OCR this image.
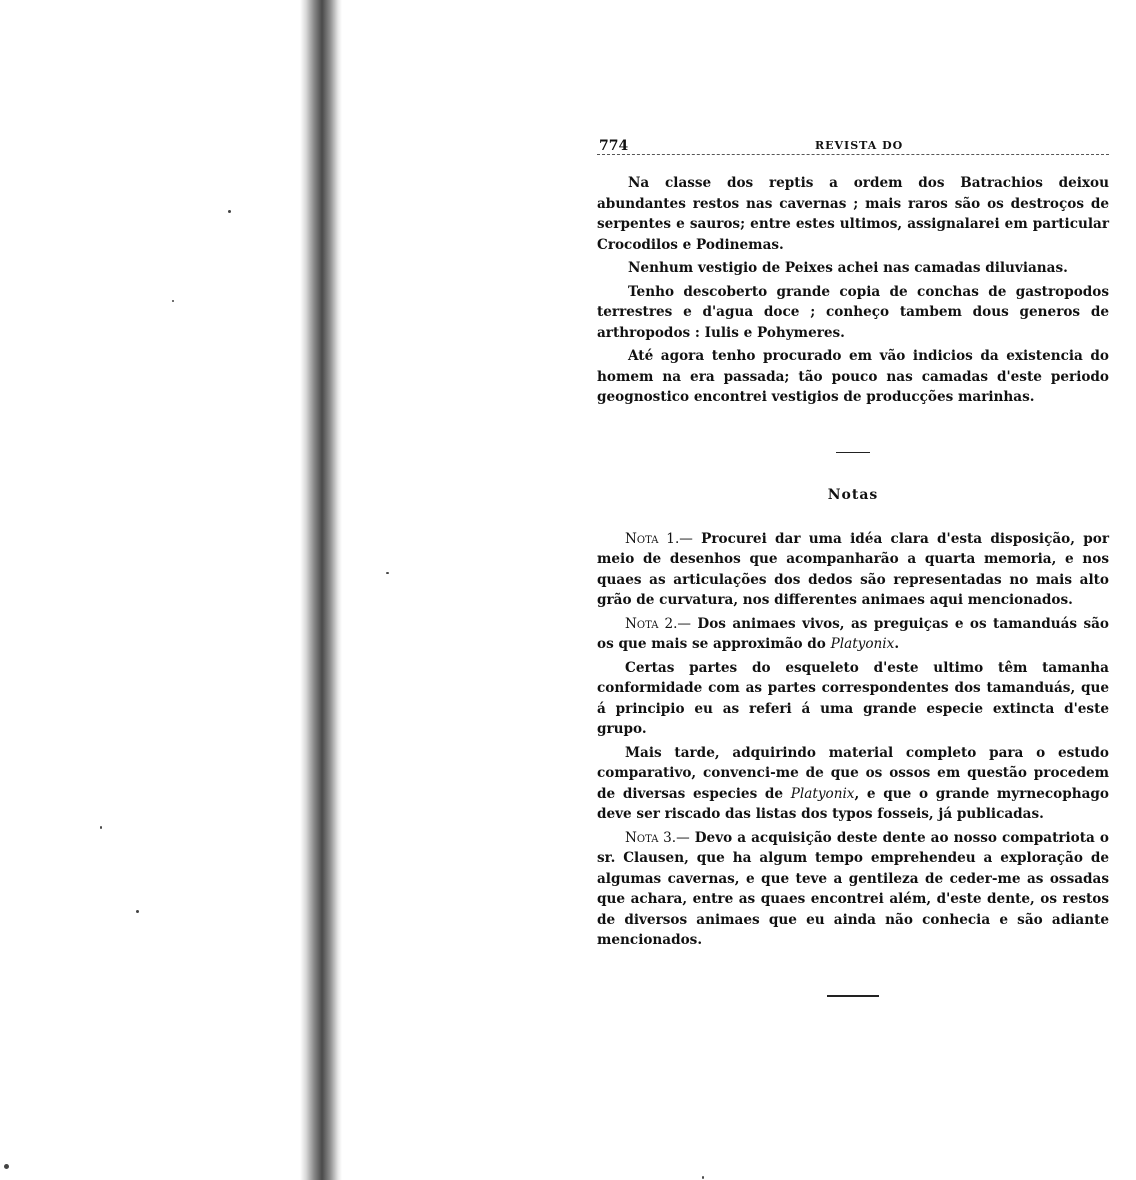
774	REVISTA DO

Na classe dos reptis a ordem dos Batrachios deixou abundantes restos nas cavernas ; mais raros são os destroços de serpentes e sauros; entre estes ultimos, assignalarei em particular Crocodilos e Podinemas.

Nenhum vestigio de Peixes achei nas camadas diluvianas.

Tenho descoberto grande copia de conchas de gastropodos terrestres e d'agua doce ; conheço tambem dous generos de arthropodos : Iulis e Pohymeres.

Até agora tenho procurado em vão indicios da existencia do homem na era passada; tão pouco nas camadas d'este periodo geognostico encontrei vestigios de producções marinhas.

Notas

Nota 1.— Procurei dar uma idéa clara d'esta disposição, por meio de desenhos que acompanharão a quarta memoria, e nos quaes as articulações dos dedos são representadas no mais alto grão de curvatura, nos differentes animaes aqui mencionados.

Nota 2.— Dos animaes vivos, as preguiças e os tamanduás são os que mais se approximão do Platyonix.

Certas partes do esqueleto d'este ultimo têm tamanha conformidade com as partes correspondentes dos tamanduás, que á principio eu as referi á uma grande especie extincta d'este grupo.

Mais tarde, adquirindo material completo para o estudo comparativo, convenci-me de que os ossos em questão procedem de diversas especies de Platyonix, e que o grande myrnecophago deve ser riscado das listas dos typos fosseis, já publicadas.

Nota 3.— Devo a acquisição deste dente ao nosso compatriota o sr. Clausen, que ha algum tempo emprehendeu a exploração de algumas cavernas, e que teve a gentileza de ceder-me as ossadas que achara, entre as quaes encontrei além, d'este dente, os restos de diversos animaes que eu ainda não conhecia e são adiante mencionados.
